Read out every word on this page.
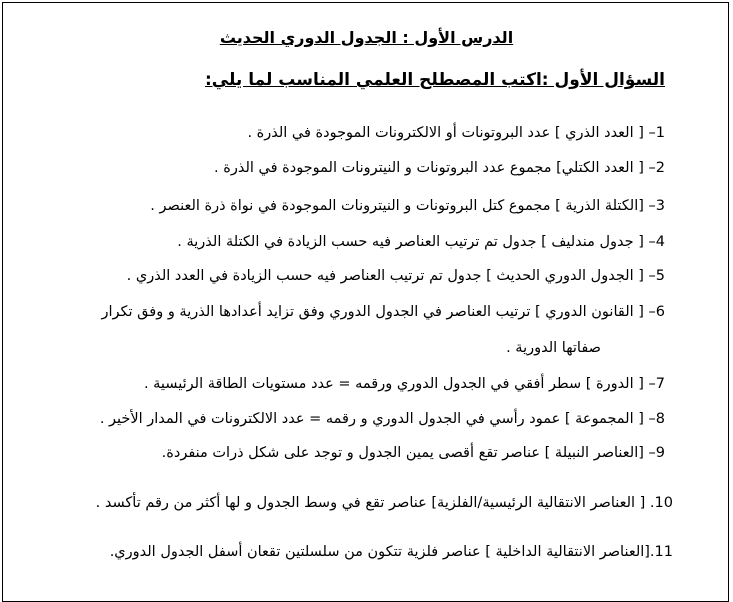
الدرس الأول : الجدول الدوري الحديث
السؤال الأول :اكتب المصطلح العلمي المناسب لما يلي:
1– [ العدد الذري ] عدد البروتونات أو الالكترونات الموجودة في الذرة .
2– [ العدد الكتلي] مجموع عدد البروتونات و النيترونات الموجودة في الذرة .
3– [الكتلة الذرية ] مجموع كتل البروتونات و النيترونات الموجودة في نواة ذرة العنصر .
4– [ جدول مندليف ] جدول تم ترتيب العناصر فيه حسب الزيادة في الكتلة الذرية .
5– [ الجدول الدوري الحديث ] جدول تم ترتيب العناصر فيه حسب الزيادة في العدد الذري .
6– [ القانون الدوري ] ترتيب العناصر في الجدول الدوري وفق تزايد أعدادها الذرية و وفق تكرار
صفاتها الدورية .
7– [ الدورة ] سطر أفقي في الجدول الدوري ورقمه = عدد مستويات الطاقة الرئيسية .
8– [ المجموعة ] عمود رأسي في الجدول الدوري و رقمه = عدد الالكترونات في المدار الأخير .
9– [العناصر النبيلة ] عناصر تقع أقصى يمين الجدول و توجد على شكل ذرات منفردة.
10. [ العناصر الانتقالية الرئيسية/الفلزية] عناصر تقع في وسط الجدول و لها أكثر من رقم تأكسد .
11.[العناصر الانتقالية الداخلية ] عناصر فلزية تتكون من سلسلتين تقعان أسفل الجدول الدوري.
